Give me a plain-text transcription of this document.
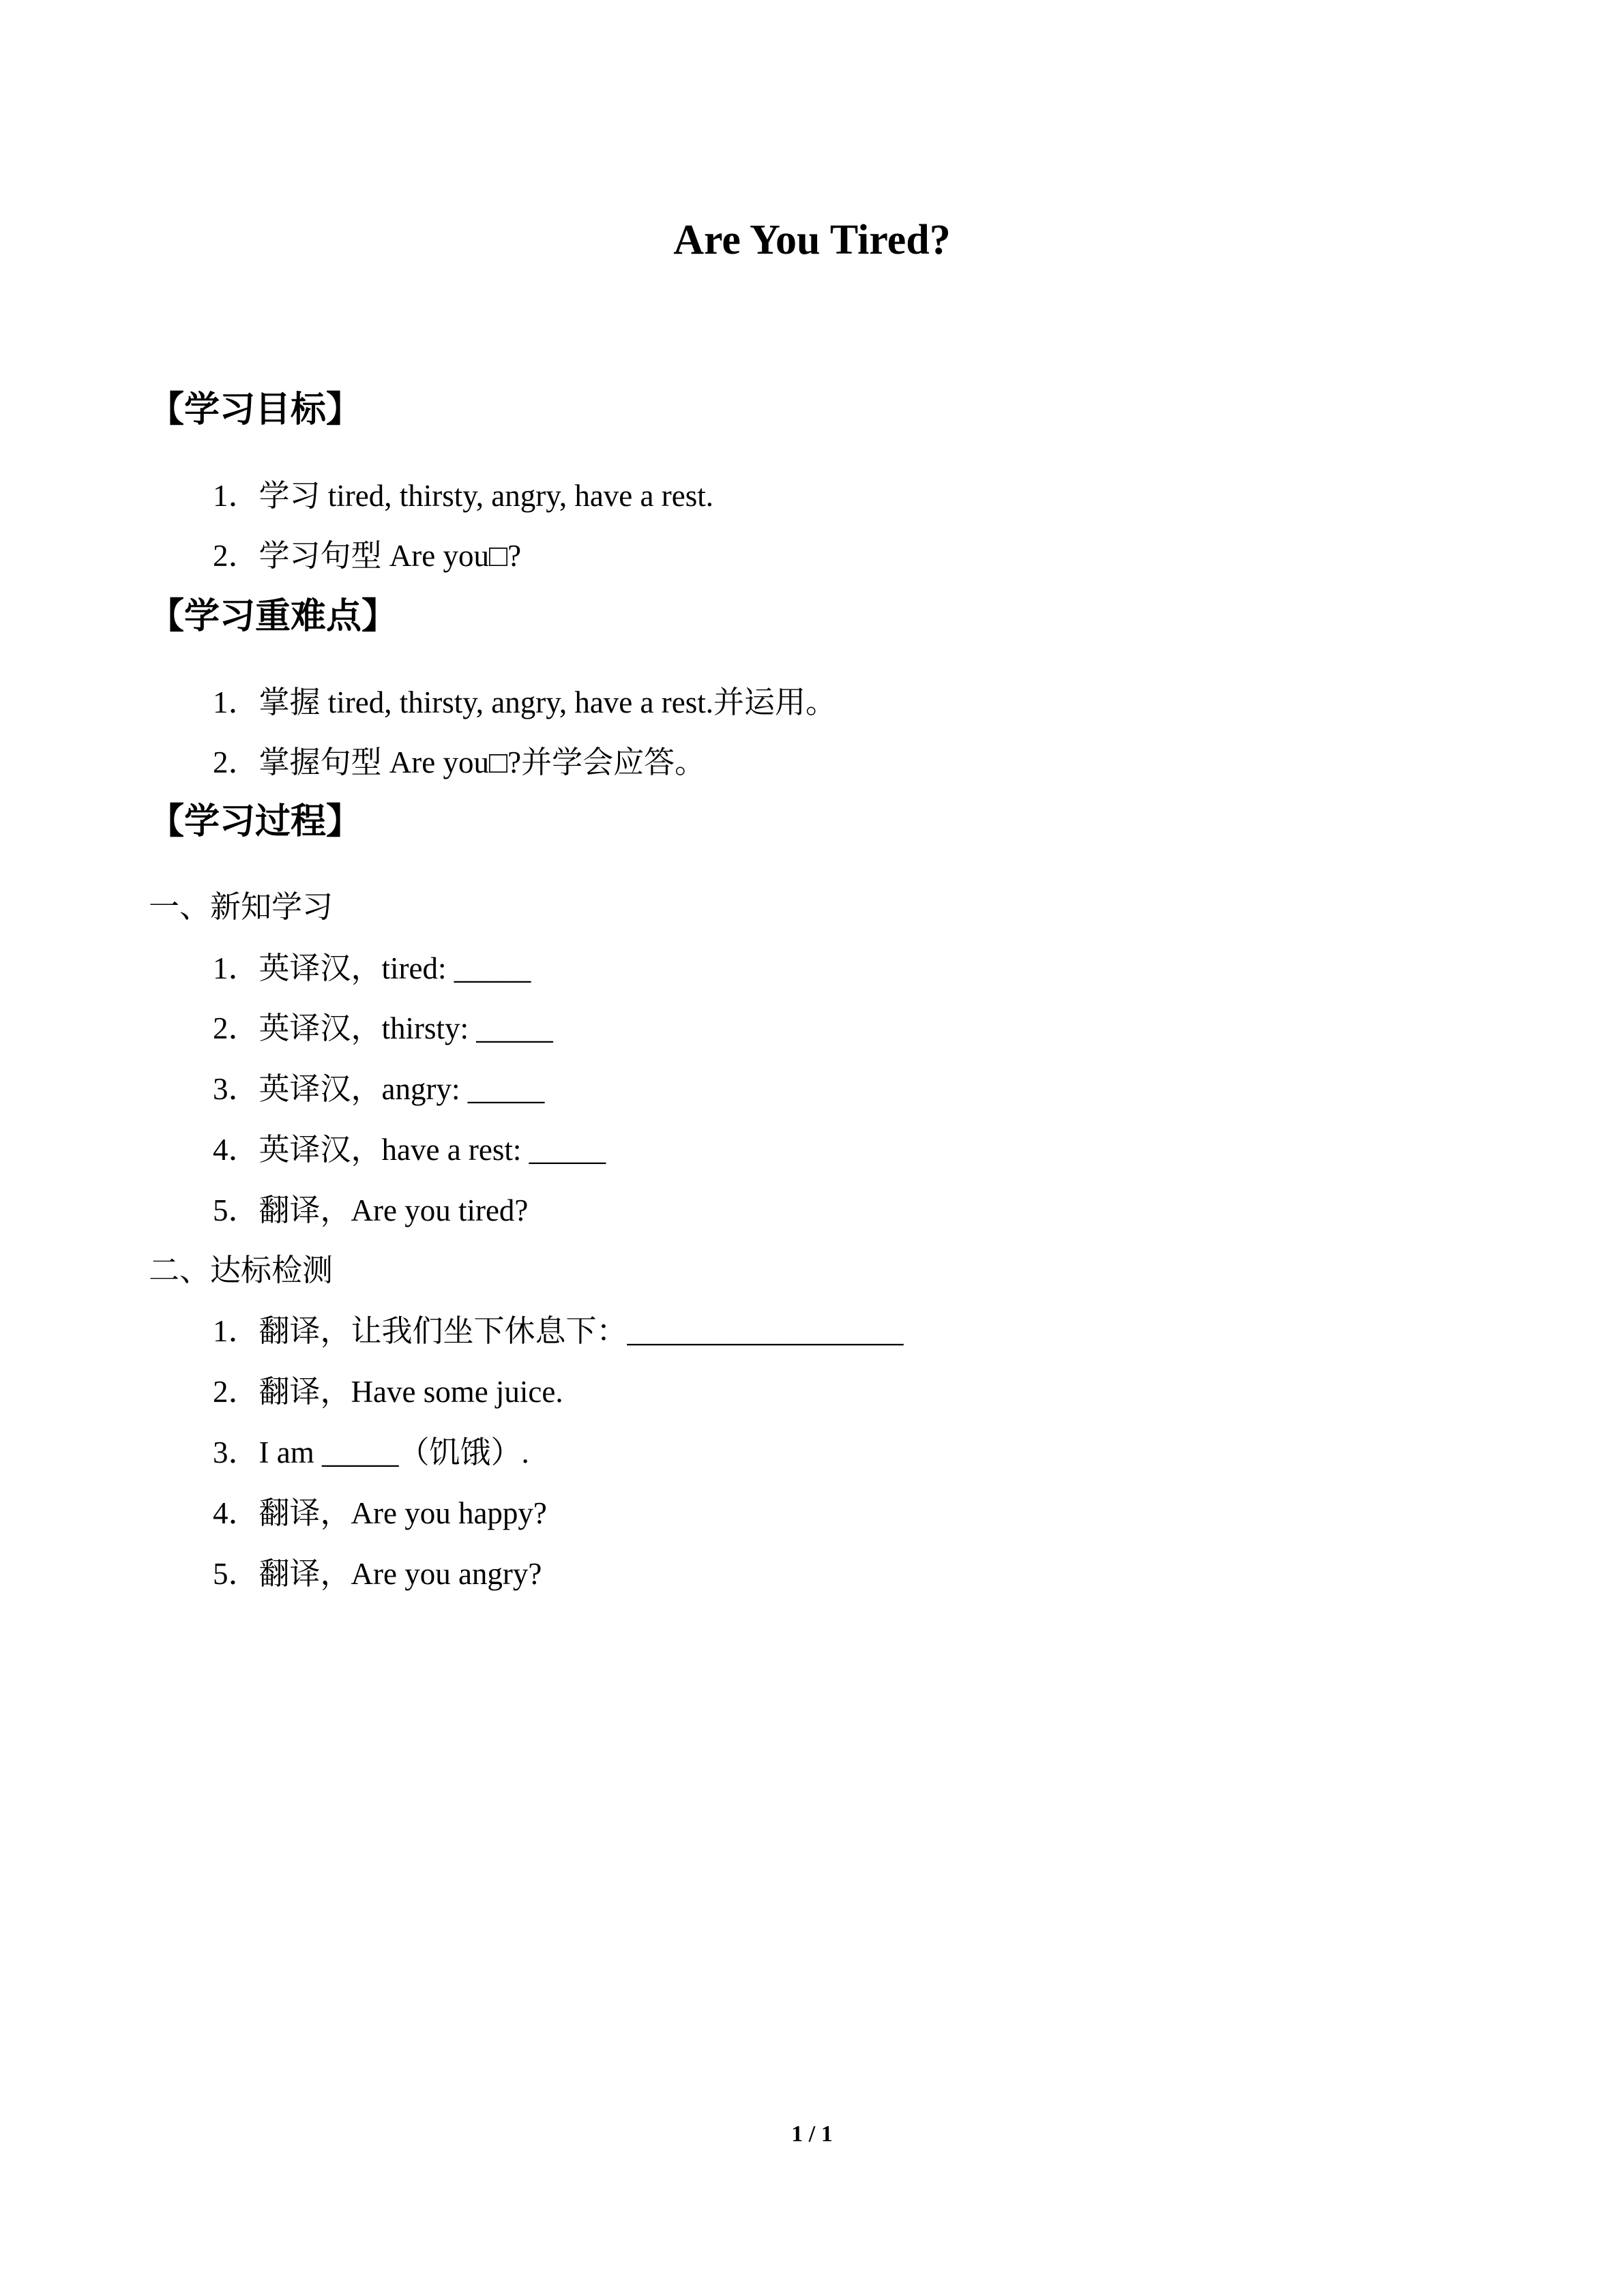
Are You Tired?
【学习目标】
1．学习 tired, thirsty, angry, have a rest.
2．学习句型 Are you□?
【学习重难点】
1．掌握 tired, thirsty, angry, have a rest.并运用。
2．掌握句型 Are you□?并学会应答。
【学习过程】
一、新知学习
1．英译汉，tired: _____
2．英译汉，thirsty: _____
3．英译汉，angry: _____
4．英译汉，have a rest: _____
5．翻译，Are you tired?
二、达标检测
1．翻译，让我们坐下休息下：__________________
2．翻译，Have some juice.
3．I am _____（饥饿）.
4．翻译，Are you happy?
5．翻译，Are you angry?
1 / 1
